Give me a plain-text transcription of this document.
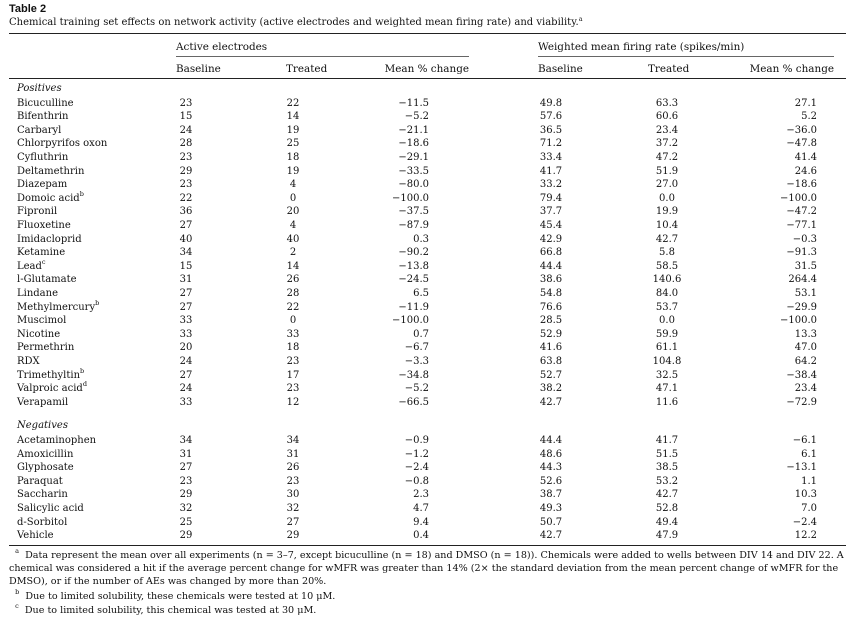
Table 2
Chemical training set effects on network activity (active electrodes and weighted mean firing rate) and viability.$^a$
Active electrodes	Weighted mean firing rate (spikes/min)
Baseline	Treated	Mean % change	Baseline	Treated	Mean % change
Positives
Bicuculline	23	22	−11.5	49.8	63.3	27.1
Bifenthrin	15	14	−5.2	57.6	60.6	5.2
Carbaryl	24	19	−21.1	36.5	23.4	−36.0
Chlorpyrifos oxon	28	25	−18.6	71.2	37.2	−47.8
Cyfluthrin	23	18	−29.1	33.4	47.2	41.4
Deltamethrin	29	19	−33.5	41.7	51.9	24.6
Diazepam	23	4	−80.0	33.2	27.0	−18.6
Domoic acid$^b$	22	0	−100.0	79.4	0.0	−100.0
Fipronil	36	20	−37.5	37.7	19.9	−47.2
Fluoxetine	27	4	−87.9	45.4	10.4	−77.1
Imidacloprid	40	40	0.3	42.9	42.7	−0.3
Ketamine	34	2	−90.2	66.8	5.8	−91.3
Lead$^c$	15	14	−13.8	44.4	58.5	31.5
l-Glutamate	31	26	−24.5	38.6	140.6	264.4
Lindane	27	28	6.5	54.8	84.0	53.1
Methylmercury$^b$	27	22	−11.9	76.6	53.7	−29.9
Muscimol	33	0	−100.0	28.5	0.0	−100.0
Nicotine	33	33	0.7	52.9	59.9	13.3
Permethrin	20	18	−6.7	41.6	61.1	47.0
RDX	24	23	−3.3	63.8	104.8	64.2
Trimethyltin$^b$	27	17	−34.8	52.7	32.5	−38.4
Valproic acid$^d$	24	23	−5.2	38.2	47.1	23.4
Verapamil	33	12	−66.5	42.7	11.6	−72.9
Negatives
Acetaminophen	34	34	−0.9	44.4	41.7	−6.1
Amoxicillin	31	31	−1.2	48.6	51.5	6.1
Glyphosate	27	26	−2.4	44.3	38.5	−13.1
Paraquat	23	23	−0.8	52.6	53.2	1.1
Saccharin	29	30	2.3	38.7	42.7	10.3
Salicylic acid	32	32	4.7	49.3	52.8	7.0
d-Sorbitol	25	27	9.4	50.7	49.4	−2.4
Vehicle	29	29	0.4	42.7	47.9	12.2

$^a$ Data represent the mean over all experiments (n = 3–7, except bicuculline (n = 18) and DMSO (n = 18)). Chemicals were added to wells between DIV 14 and DIV 22. A chemical was considered a hit if the average percent change for wMFR was greater than 14% (2× the standard deviation from the mean percent change of wMFR for the DMSO), or if the number of AEs was changed by more than 20%.

$^b$ Due to limited solubility, these chemicals were tested at 10 μM.

$^c$ Due to limited solubility, this chemical was tested at 30 μM.
